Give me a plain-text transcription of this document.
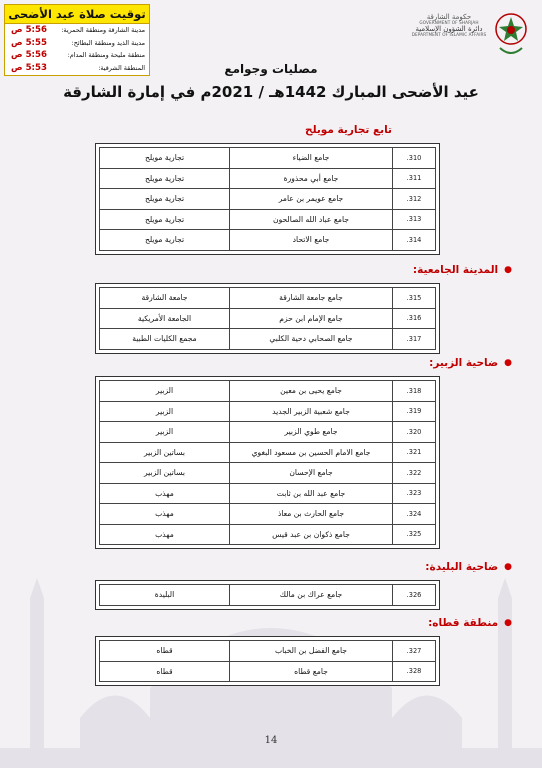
حكومة الشارقة
GOVERNMENT OF SHARJAH
دائرة الشؤون الإسلامية
DEPARTMENT OF ISLAMIC AFFAIRS
توقيت صلاة عيد الأضحى
مدينة الشارقة ومنطقة الحمرية:
5:56 ص
مدينة الذيد ومنطقة البطائح:
5:55 ص
منطقة مليحة ومنطقة المدام:
5:56 ص
المنطقة الشرقية:
5:53 ص	مصليات وجوامع
عيد الأضحى المبارك 1442هـ / 2021م في إمارة الشارقة
تابع تجارية مويلح
310.	جامع الضياء	تجارية مويلح
311.	جامع أبي محذورة	تجارية مويلح
312.	جامع عويمر بن عامر	تجارية مويلح
313.	جامع عباد الله الصالحون	تجارية مويلح
314.	جامع الاتحاد	تجارية مويلح
●
المدينة الجامعية:
315.	جامع جامعة الشارقة	جامعة الشارقة
316.	جامع الإمام ابن حزم	الجامعة الأمريكية
317.	جامع الصحابي دحية الكلبي	مجمع الكليات الطبية
●
ضاحية الزبير:
318.	جامع يحيى بن معين	الزبير
319.	جامع شعبية الزبير الجديد	الزبير
320.	جامع طوي الزبير	الزبير
321.	جامع الامام الحسين بن مسعود البغوي	بساتين الزبير
322.	جامع الإحسان	بساتين الزبير
323.	جامع عبد الله بن ثابت	مهذب
324.	جامع الحارث بن معاذ	مهذب
325.	جامع ذكوان بن عبد قيس	مهذب
●
ضاحية البليدة:
326.	جامع عراك بن مالك	البليدة
●
منطقة قطاه:
327.	جامع الفضل بن الخباب	قطاه
328.	جامع قطاه	قطاه
14
